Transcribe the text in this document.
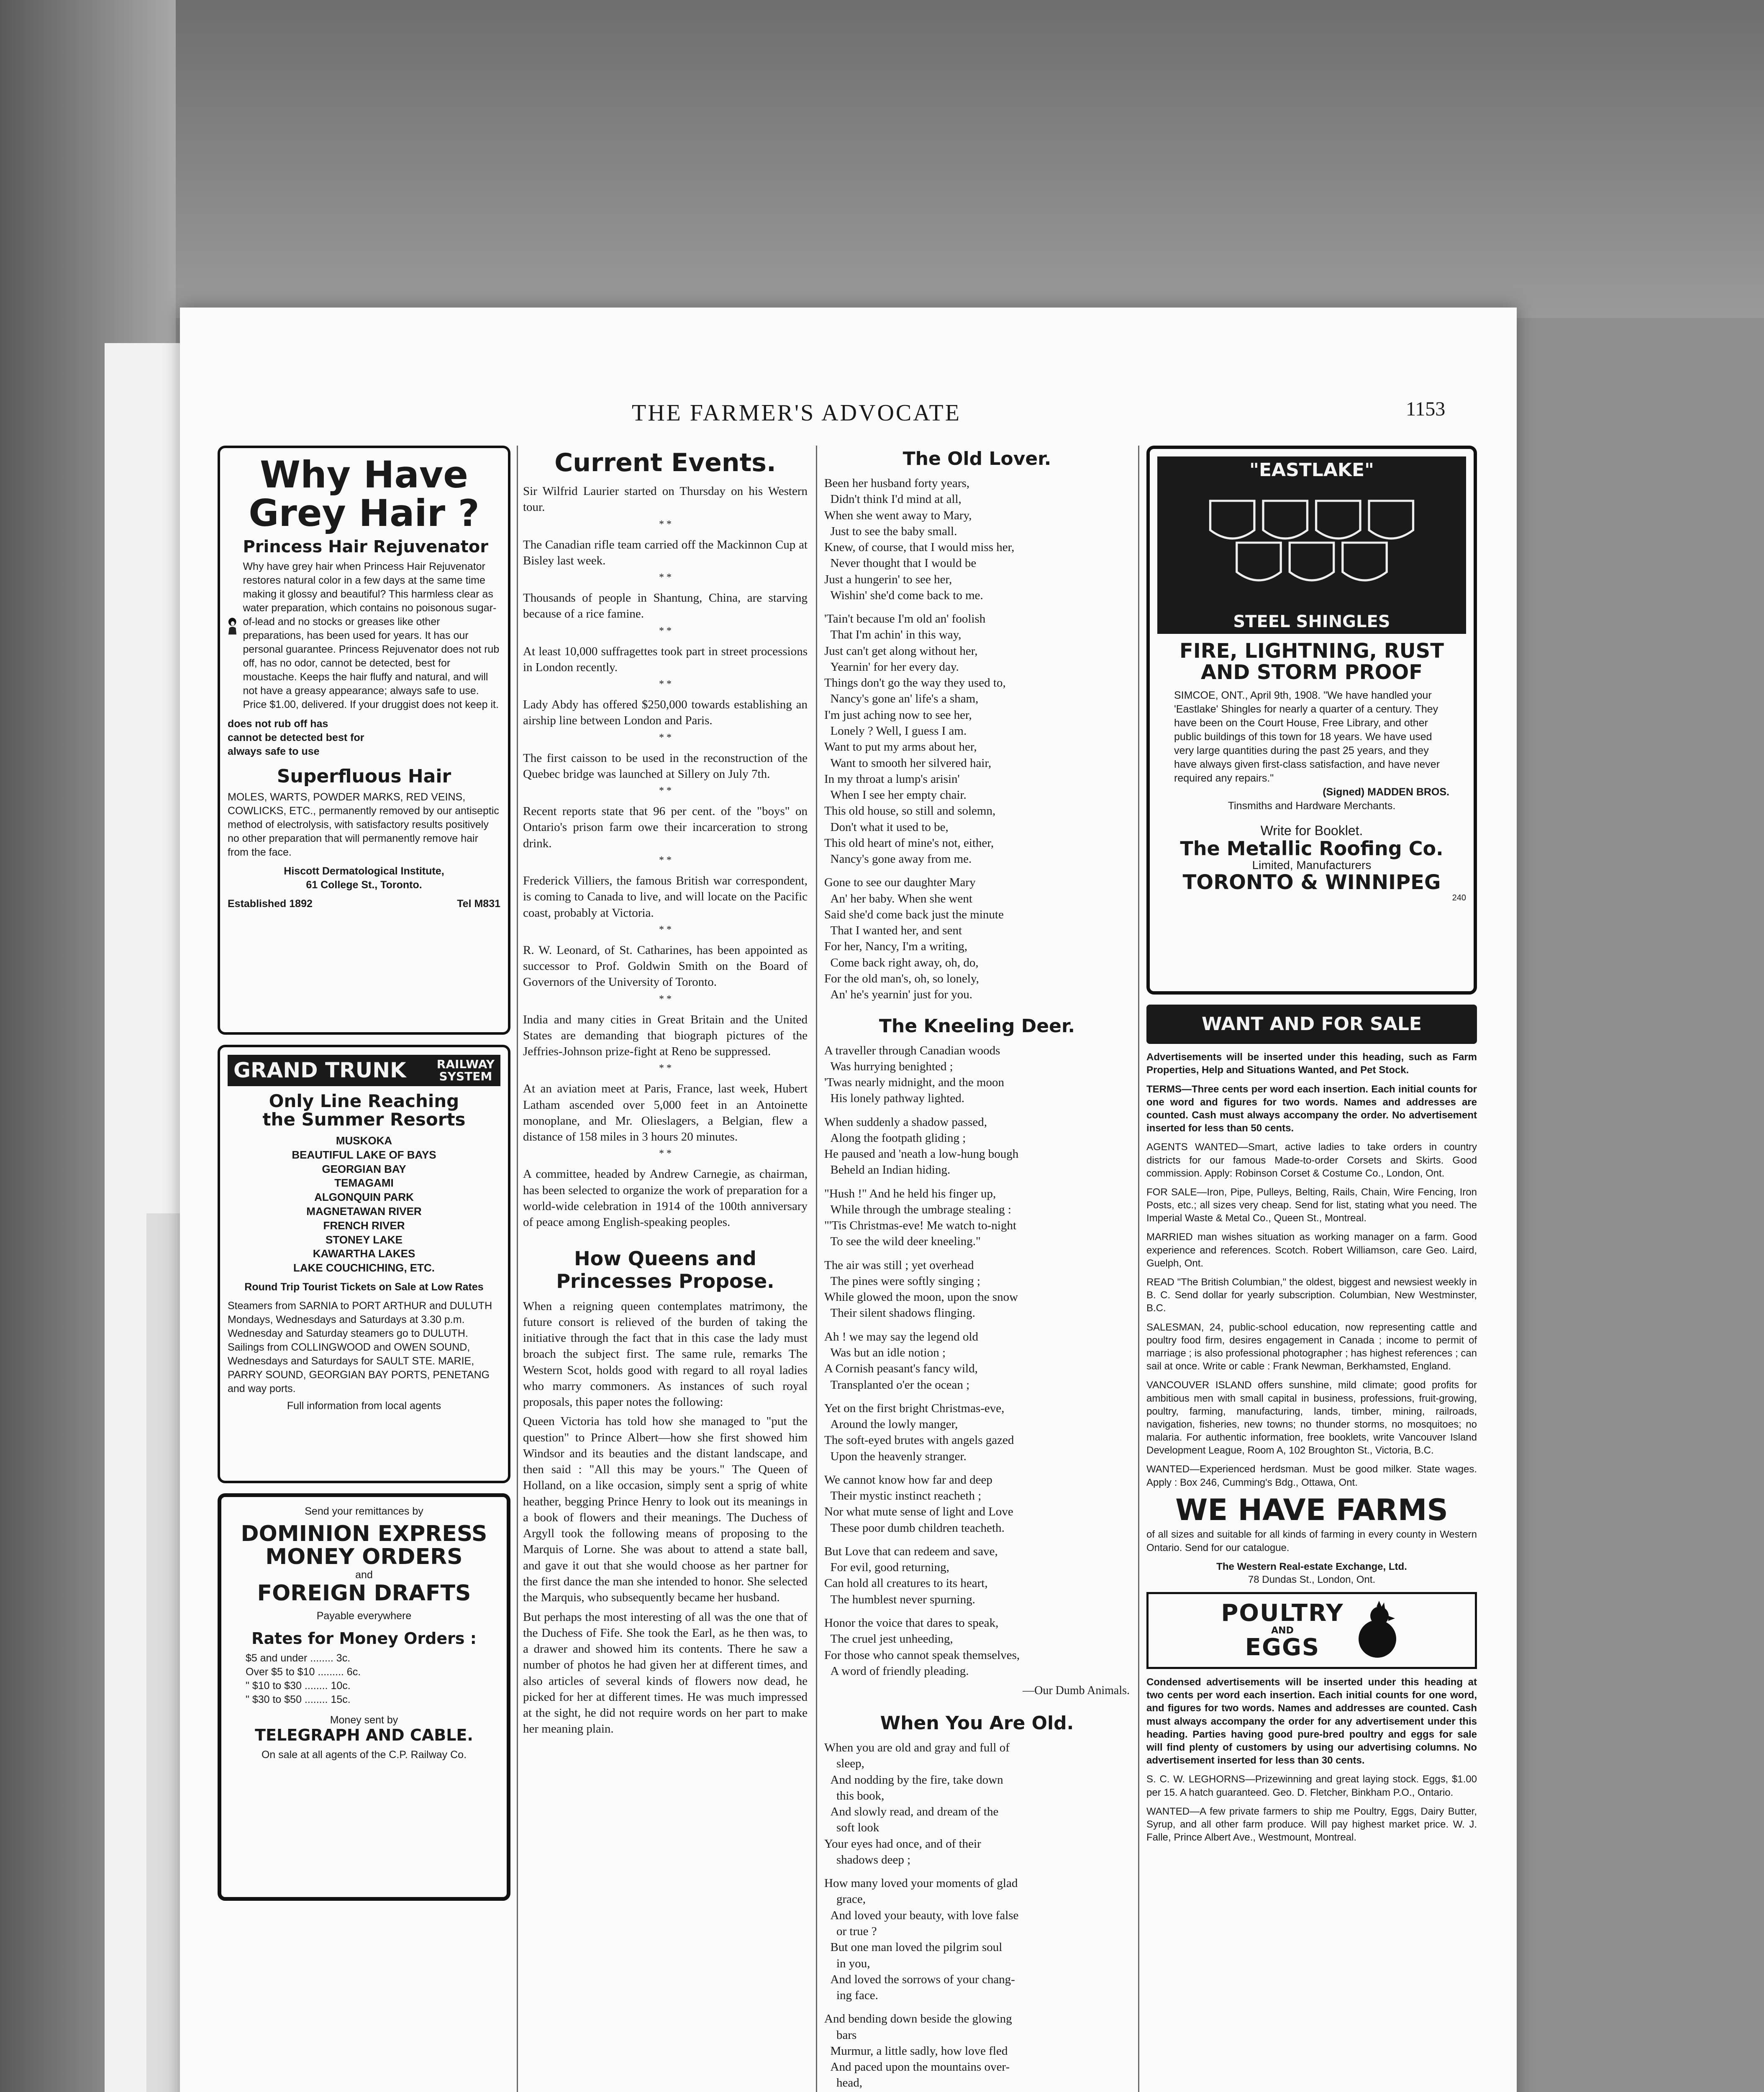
THE FARMER'S ADVOCATE	1153
Why Have
Grey Hair ?
Princess Hair Rejuvenator
Why have grey hair when Princess Hair Rejuvenator restores natural color in a few days at the same time making it glossy and beautiful? This harmless clear as water preparation, which contains no poisonous sugar-of-lead and no stocks or greases like other preparations, has been used for years. It has our personal guarantee. Princess Rejuvenator does not rub off, has no odor, cannot be detected, best for moustache. Keeps the hair fluffy and natural, and will not have a greasy appearance; always safe to use. Price $1.00, delivered. If your druggist does not keep it.
does not rub off has
cannot be detected best for
always safe to use
Superfluous Hair
MOLES, WARTS, POWDER MARKS, RED VEINS, COWLICKS, ETC., permanently removed by our antiseptic method of electrolysis, with satisfactory results positively no other preparation that will permanently remove hair from the face.
Hiscott Dermatological Institute,
61 College St., Toronto.
Established 1892	Tel M831
GRAND TRUNK	RAILWAY
SYSTEM
Only Line Reaching
the Summer Resorts
MUSKOKA
BEAUTIFUL LAKE OF BAYS
GEORGIAN BAY
TEMAGAMI
ALGONQUIN PARK
MAGNETAWAN RIVER
FRENCH RIVER
STONEY LAKE
KAWARTHA LAKES
LAKE COUCHICHING, ETC.
Round Trip Tourist Tickets on Sale at Low Rates
Steamers from SARNIA to PORT ARTHUR and DULUTH Mondays, Wednesdays and Saturdays at 3.30 p.m. Wednesday and Saturday steamers go to DULUTH. Sailings from COLLINGWOOD and OWEN SOUND, Wednesdays and Saturdays for SAULT STE. MARIE, PARRY SOUND, GEORGIAN BAY PORTS, PENETANG and way ports.
Full information from local agents
Send your remittances by
DOMINION EXPRESS
MONEY ORDERS
and
FOREIGN DRAFTS
Payable everywhere
Rates for Money Orders :
$5 and under ........ 3c.
Over $5 to $10 ......... 6c.
" $10 to $30 ........ 10c.
" $30 to $50 ........ 15c.
Money sent by
TELEGRAPH AND CABLE.
On sale at all agents of the C.P. Railway Co.
Current Events.

Sir Wilfrid Laurier started on Thursday on his Western tour.

* *

The Canadian rifle team carried off the Mackinnon Cup at Bisley last week.

* *

Thousands of people in Shantung, China, are starving because of a rice famine.

* *

At least 10,000 suffragettes took part in street processions in London recently.

* *

Lady Abdy has offered $250,000 towards establishing an airship line between London and Paris.

* *

The first caisson to be used in the reconstruction of the Quebec bridge was launched at Sillery on July 7th.

* *

Recent reports state that 96 per cent. of the "boys" on Ontario's prison farm owe their incarceration to strong drink.

* *

Frederick Villiers, the famous British war correspondent, is coming to Canada to live, and will locate on the Pacific coast, probably at Victoria.

* *

R. W. Leonard, of St. Catharines, has been appointed as successor to Prof. Goldwin Smith on the Board of Governors of the University of Toronto.

* *

India and many cities in Great Britain and the United States are demanding that biograph pictures of the Jeffries-Johnson prize-fight at Reno be suppressed.

* *

At an aviation meet at Paris, France, last week, Hubert Latham ascended over 5,000 feet in an Antoinette monoplane, and Mr. Olieslagers, a Belgian, flew a distance of 158 miles in 3 hours 20 minutes.

* *

A committee, headed by Andrew Carnegie, as chairman, has been selected to organize the work of preparation for a world-wide celebration in 1914 of the 100th anniversary of peace among English-speaking peoples.

How Queens and Princesses Propose.

When a reigning queen contemplates matrimony, the future consort is relieved of the burden of taking the initiative through the fact that in this case the lady must broach the subject first. The same rule, remarks The Western Scot, holds good with regard to all royal ladies who marry commoners. As instances of such royal proposals, this paper notes the following:

Queen Victoria has told how she managed to "put the question" to Prince Albert—how she first showed him Windsor and its beauties and the distant landscape, and then said : "All this may be yours." The Queen of Holland, on a like occasion, simply sent a sprig of white heather, begging Prince Henry to look out its meanings in a book of flowers and their meanings. The Duchess of Argyll took the following means of proposing to the Marquis of Lorne. She was about to attend a state ball, and gave it out that she would choose as her partner for the first dance the man she intended to honor. She selected the Marquis, who subsequently became her husband.

But perhaps the most interesting of all was the one that of the Duchess of Fife. She took the Earl, as he then was, to a drawer and showed him its contents. There he saw a number of photos he had given her at different times, and also articles of several kinds of flowers now dead, he picked for her at different times. He was much impressed at the sight, he did not require words on her part to make her meaning plain.

The Old Lover.
Been her husband forty years,
Didn't think I'd mind at all,
When she went away to Mary,
Just to see the baby small.
Knew, of course, that I would miss her,
Never thought that I would be
Just a hungerin' to see her,
Wishin' she'd come back to me.
'Tain't because I'm old an' foolish
That I'm achin' in this way,
Just can't get along without her,
Yearnin' for her every day.
Things don't go the way they used to,
Nancy's gone an' life's a sham,
I'm just aching now to see her,
Lonely ? Well, I guess I am.
Want to put my arms about her,
Want to smooth her silvered hair,
In my throat a lump's arisin'
When I see her empty chair.
This old house, so still and solemn,
Don't what it used to be,
This old heart of mine's not, either,
Nancy's gone away from me.
Gone to see our daughter Mary
An' her baby. When she went
Said she'd come back just the minute
That I wanted her, and sent
For her, Nancy, I'm a writing,
Come back right away, oh, do,
For the old man's, oh, so lonely,
An' he's yearnin' just for you.
The Kneeling Deer.
A traveller through Canadian woods
Was hurrying benighted ;
'Twas nearly midnight, and the moon
His lonely pathway lighted.
When suddenly a shadow passed,
Along the footpath gliding ;
He paused and 'neath a low-hung bough
Beheld an Indian hiding.
"Hush !" And he held his finger up,
While through the umbrage stealing :
"'Tis Christmas-eve! Me watch to-night
To see the wild deer kneeling."
The air was still ; yet overhead
The pines were softly singing ;
While glowed the moon, upon the snow
Their silent shadows flinging.
Ah ! we may say the legend old
Was but an idle notion ;
A Cornish peasant's fancy wild,
Transplanted o'er the ocean ;
Yet on the first bright Christmas-eve,
Around the lowly manger,
The soft-eyed brutes with angels gazed
Upon the heavenly stranger.
We cannot know how far and deep
Their mystic instinct reacheth ;
Nor what mute sense of light and Love
These poor dumb children teacheth.
But Love that can redeem and save,
For evil, good returning,
Can hold all creatures to its heart,
The humblest never spurning.
Honor the voice that dares to speak,
The cruel jest unheeding,
For those who cannot speak themselves,
A word of friendly pleading.
—Our Dumb Animals.
When You Are Old.
When you are old and gray and full of
sleep,
And nodding by the fire, take down
this book,
And slowly read, and dream of the
soft look
Your eyes had once, and of their
shadows deep ;
How many loved your moments of glad
grace,
And loved your beauty, with love false
or true ?
But one man loved the pilgrim soul
in you,
And loved the sorrows of your chang-
ing face.
And bending down beside the glowing
bars
Murmur, a little sadly, how love fled
And paced upon the mountains over-
head,

"EASTLAKE"
STEEL SHINGLES
FIRE, LIGHTNING, RUST
AND STORM PROOF
SIMCOE, ONT., April 9th, 1908. "We have handled your 'Eastlake' Shingles for nearly a quarter of a century. They have been on the Court House, Free Library, and other public buildings of this town for 18 years. We have used very large quantities during the past 25 years, and they have always given first-class satisfaction, and have never required any repairs."
(Signed) MADDEN BROS.
Tinsmiths and Hardware Merchants.
Write for Booklet.
The Metallic Roofing Co.
Limited, Manufacturers
TORONTO & WINNIPEG
240
WANT AND FOR SALE

Advertisements will be inserted under this heading, such as Farm Properties, Help and Situations Wanted, and Pet Stock.

TERMS—Three cents per word each insertion. Each initial counts for one word and figures for two words. Names and addresses are counted. Cash must always accompany the order. No advertisement inserted for less than 50 cents.

AGENTS WANTED—Smart, active ladies to take orders in country districts for our famous Made-to-order Corsets and Skirts. Good commission. Apply: Robinson Corset & Costume Co., London, Ont.

FOR SALE—Iron, Pipe, Pulleys, Belting, Rails, Chain, Wire Fencing, Iron Posts, etc.; all sizes very cheap. Send for list, stating what you need. The Imperial Waste & Metal Co., Queen St., Montreal.

MARRIED man wishes situation as working manager on a farm. Good experience and references. Scotch. Robert Williamson, care Geo. Laird, Guelph, Ont.

READ "The British Columbian," the oldest, biggest and newsiest weekly in B. C. Send dollar for yearly subscription. Columbian, New Westminster, B.C.

SALESMAN, 24, public-school education, now representing cattle and poultry food firm, desires engagement in Canada ; income to permit of marriage ; is also professional photographer ; has highest references ; can sail at once. Write or cable : Frank Newman, Berkhamsted, England.

VANCOUVER ISLAND offers sunshine, mild climate; good profits for ambitious men with small capital in business, professions, fruit-growing, poultry, farming, manufacturing, lands, timber, mining, railroads, navigation, fisheries, new towns; no thunder storms, no mosquitoes; no malaria. For authentic information, free booklets, write Vancouver Island Development League, Room A, 102 Broughton St., Victoria, B.C.

WANTED—Experienced herdsman. Must be good milker. State wages. Apply : Box 246, Cumming's Bdg., Ottawa, Ont.

WE HAVE FARMS

of all sizes and suitable for all kinds of farming in every county in Western Ontario. Send for our catalogue.

The Western Real-estate Exchange, Ltd.

78 Dundas St., London, Ont.

POULTRY
AND
EGGS

Condensed advertisements will be inserted under this heading at two cents per word each insertion. Each initial counts for one word, and figures for two words. Names and addresses are counted. Cash must always accompany the order for any advertisement under this heading. Parties having good pure-bred poultry and eggs for sale will find plenty of customers by using our advertising columns. No advertisement inserted for less than 30 cents.

S. C. W. LEGHORNS—Prizewinning and great laying stock. Eggs, $1.00 per 15. A hatch guaranteed. Geo. D. Fletcher, Binkham P.O., Ontario.

WANTED—A few private farmers to ship me Poultry, Eggs, Dairy Butter, Syrup, and all other farm produce. Will pay highest market price. W. J. Falle, Prince Albert Ave., Westmount, Montreal.
